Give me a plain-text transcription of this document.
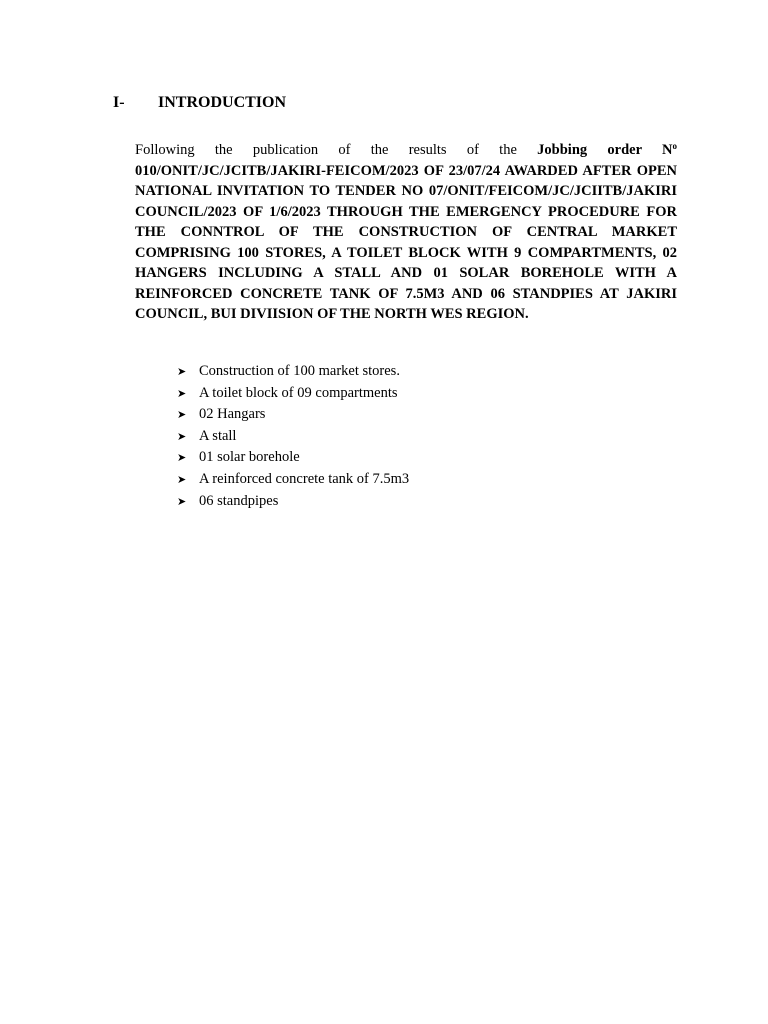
I- INTRODUCTION

Following the publication of the results of the Jobbing order $N^o$ 010/ONIT/JC/JCITB/JAKIRI-FEICOM/2023 OF 23/07/24 AWARDED AFTER OPEN NATIONAL INVITATION TO TENDER NO 07/ONIT/FEICOM/JC/JCIITB/JAKIRI COUNCIL/2023 OF 1/6/2023 THROUGH THE EMERGENCY PROCEDURE FOR THE CONNTROL OF THE CONSTRUCTION OF CENTRAL MARKET COMPRISING 100 STORES, A TOILET BLOCK WITH 9 COMPARTMENTS, 02 HANGERS INCLUDING A STALL AND 01 SOLAR BOREHOLE WITH A REINFORCED CONCRETE TANK OF 7.5M3 AND 06 STANDPIES AT JAKIRI COUNCIL, BUI DIVIISION OF THE NORTH WES REGION.

➤ Construction of 100 market stores.
➤ A toilet block of 09 compartments
➤ 02 Hangars
➤ A stall
➤ 01 solar borehole
➤ A reinforced concrete tank of 7.5m3
➤ 06 standpipes
